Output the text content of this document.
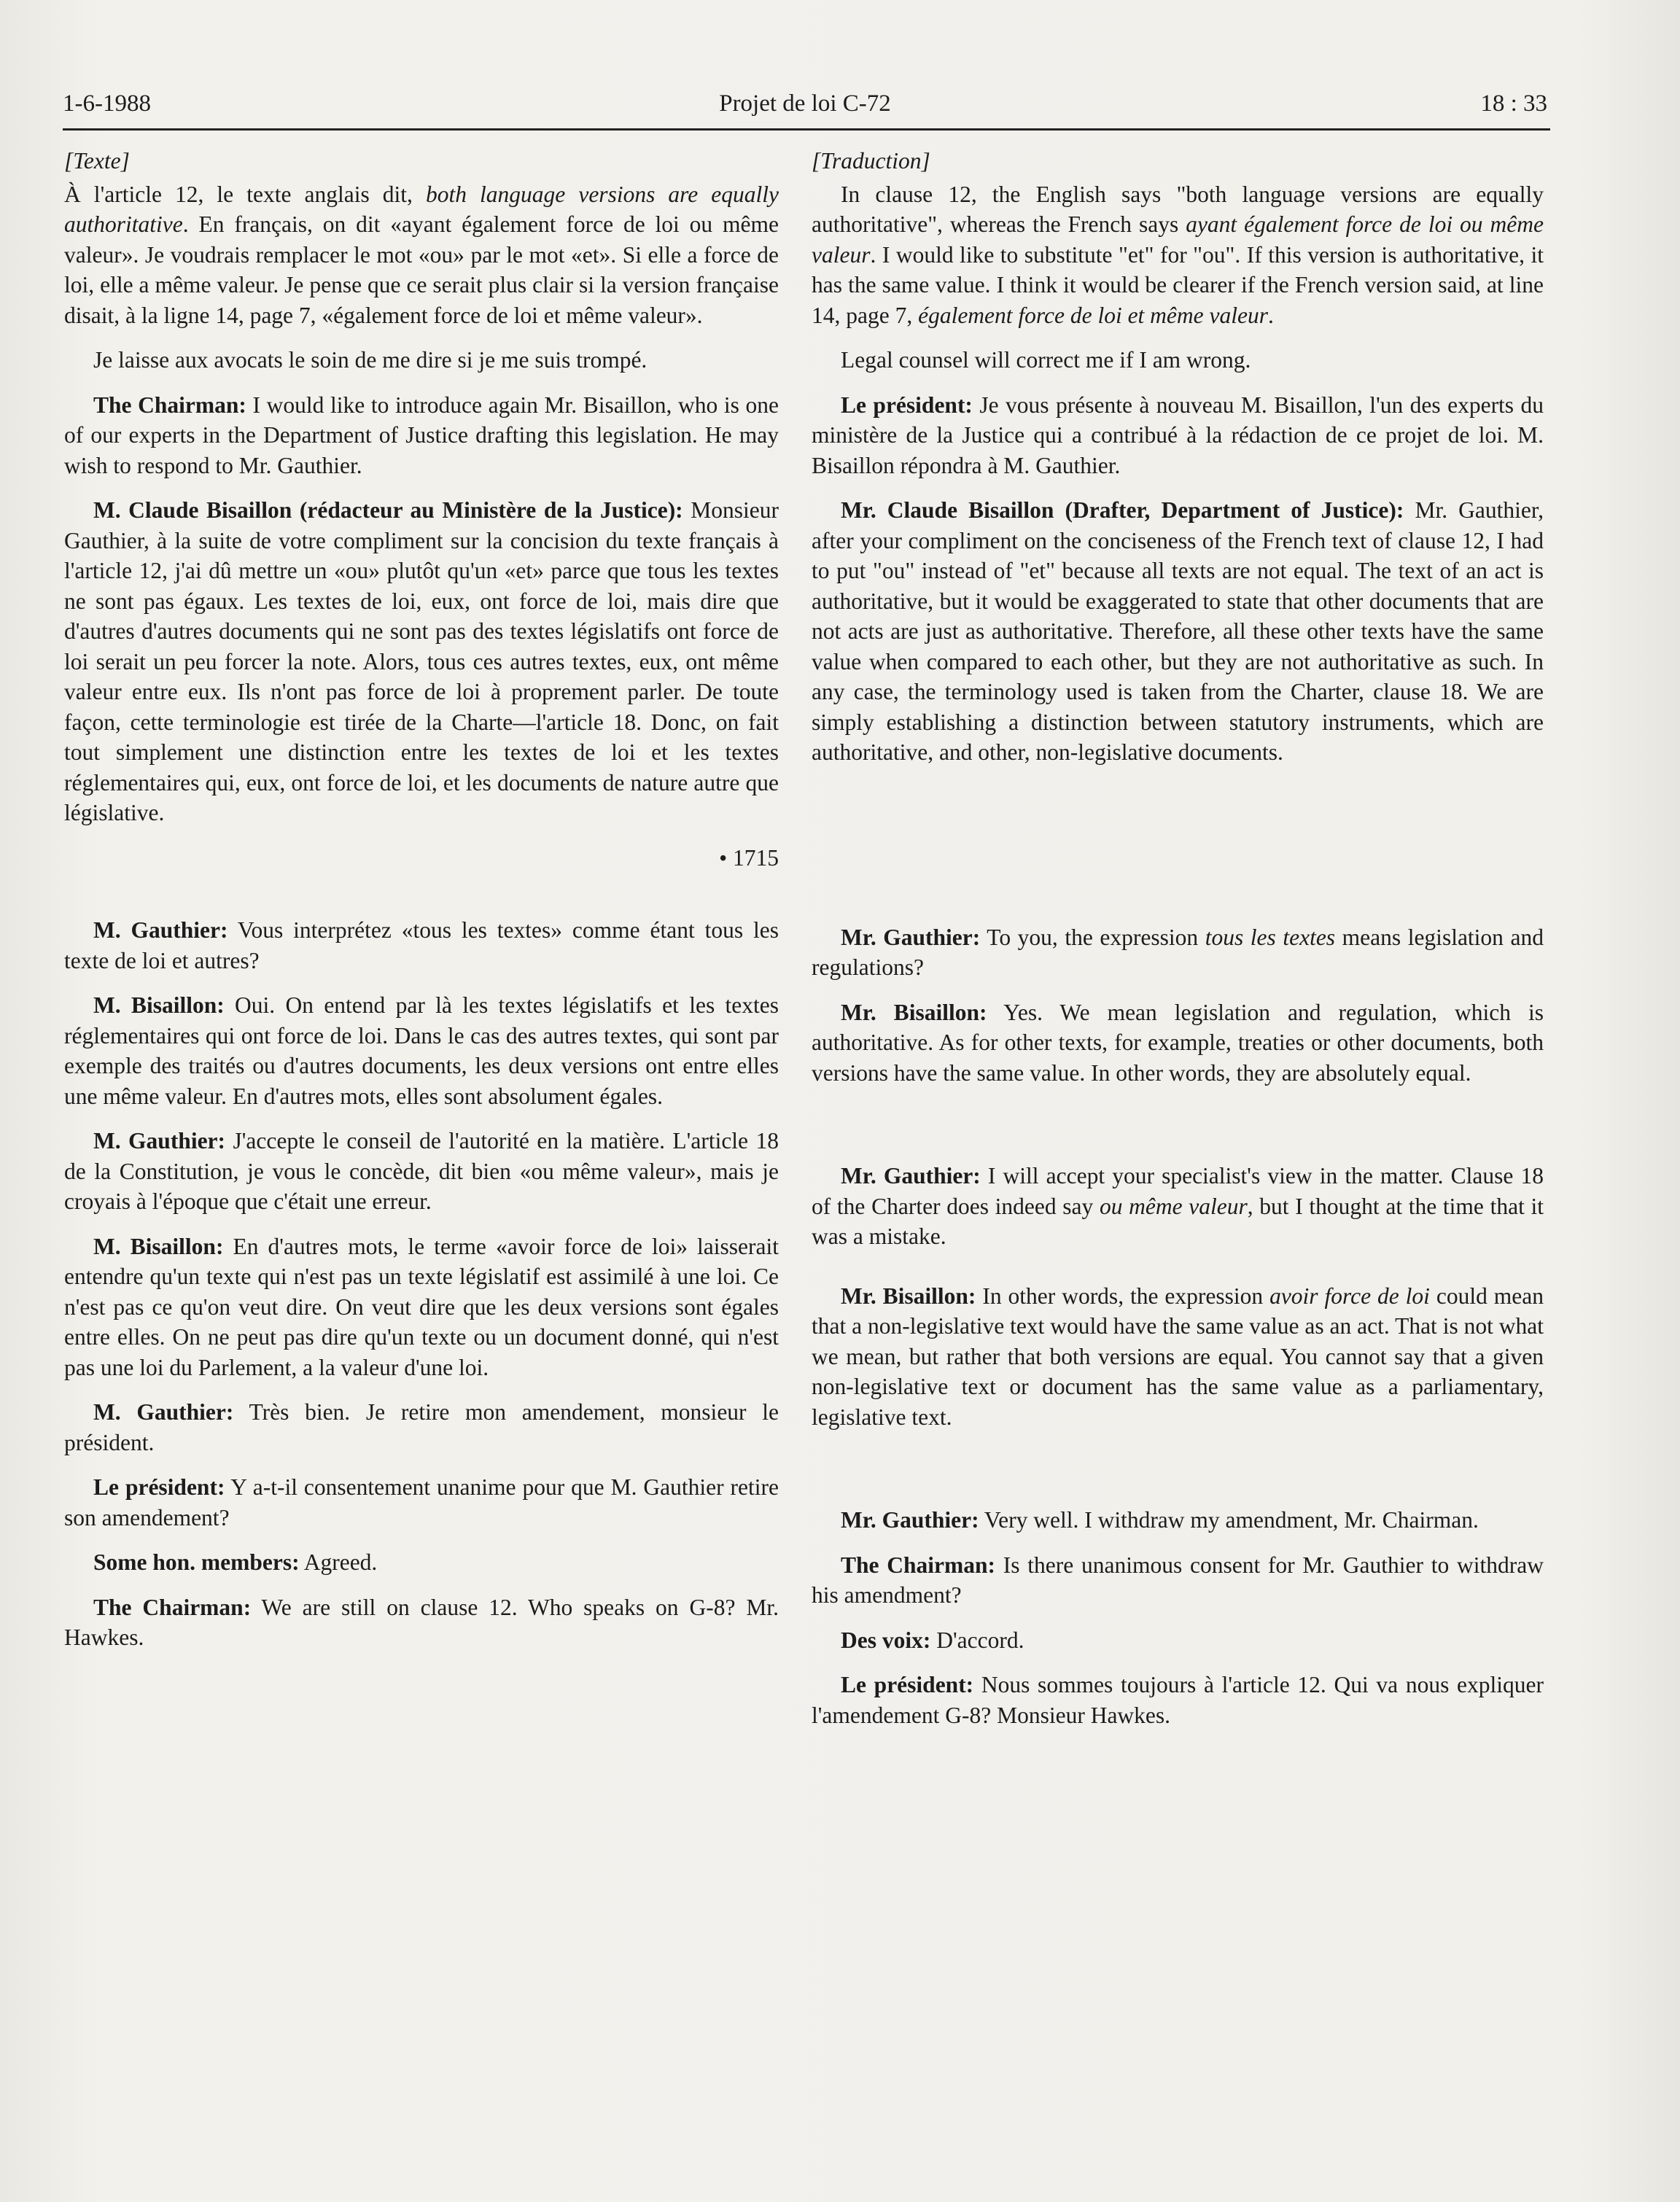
1-6-1988	Projet de loi C-72	18 : 33

[Texte]

À l'article 12, le texte anglais dit, both language versions are equally authoritative. En français, on dit «ayant également force de loi ou même valeur». Je voudrais remplacer le mot «ou» par le mot «et». Si elle a force de loi, elle a même valeur. Je pense que ce serait plus clair si la version française disait, à la ligne 14, page 7, «également force de loi et même valeur».

Je laisse aux avocats le soin de me dire si je me suis trompé.

The Chairman: I would like to introduce again Mr. Bisaillon, who is one of our experts in the Department of Justice drafting this legislation. He may wish to respond to Mr. Gauthier.

M. Claude Bisaillon (rédacteur au Ministère de la Justice): Monsieur Gauthier, à la suite de votre compliment sur la concision du texte français à l'article 12, j'ai dû mettre un «ou» plutôt qu'un «et» parce que tous les textes ne sont pas égaux. Les textes de loi, eux, ont force de loi, mais dire que d'autres d'autres documents qui ne sont pas des textes législatifs ont force de loi serait un peu forcer la note. Alors, tous ces autres textes, eux, ont même valeur entre eux. Ils n'ont pas force de loi à proprement parler. De toute façon, cette terminologie est tirée de la Charte—l'article 18. Donc, on fait tout simplement une distinction entre les textes de loi et les textes réglementaires qui, eux, ont force de loi, et les documents de nature autre que législative.

• 1715

M. Gauthier: Vous interprétez «tous les textes» comme étant tous les texte de loi et autres?

M. Bisaillon: Oui. On entend par là les textes législatifs et les textes réglementaires qui ont force de loi. Dans le cas des autres textes, qui sont par exemple des traités ou d'autres documents, les deux versions ont entre elles une même valeur. En d'autres mots, elles sont absolument égales.

M. Gauthier: J'accepte le conseil de l'autorité en la matière. L'article 18 de la Constitution, je vous le concède, dit bien «ou même valeur», mais je croyais à l'époque que c'était une erreur.

M. Bisaillon: En d'autres mots, le terme «avoir force de loi» laisserait entendre qu'un texte qui n'est pas un texte législatif est assimilé à une loi. Ce n'est pas ce qu'on veut dire. On veut dire que les deux versions sont égales entre elles. On ne peut pas dire qu'un texte ou un document donné, qui n'est pas une loi du Parlement, a la valeur d'une loi.

M. Gauthier: Très bien. Je retire mon amendement, monsieur le président.

Le président: Y a-t-il consentement unanime pour que M. Gauthier retire son amendement?

Some hon. members: Agreed.

The Chairman: We are still on clause 12. Who speaks on G-8? Mr. Hawkes.

[Traduction]

In clause 12, the English says "both language versions are equally authoritative", whereas the French says ayant également force de loi ou même valeur. I would like to substitute "et" for "ou". If this version is authoritative, it has the same value. I think it would be clearer if the French version said, at line 14, page 7, également force de loi et même valeur.

Legal counsel will correct me if I am wrong.

Le président: Je vous présente à nouveau M. Bisaillon, l'un des experts du ministère de la Justice qui a contribué à la rédaction de ce projet de loi. M. Bisaillon répondra à M. Gauthier.

Mr. Claude Bisaillon (Drafter, Department of Justice): Mr. Gauthier, after your compliment on the conciseness of the French text of clause 12, I had to put "ou" instead of "et" because all texts are not equal. The text of an act is authoritative, but it would be exaggerated to state that other documents that are not acts are just as authoritative. Therefore, all these other texts have the same value when compared to each other, but they are not authoritative as such. In any case, the terminology used is taken from the Charter, clause 18. We are simply establishing a distinction between statutory instruments, which are authoritative, and other, non-legislative documents.

Mr. Gauthier: To you, the expression tous les textes means legislation and regulations?

Mr. Bisaillon: Yes. We mean legislation and regulation, which is authoritative. As for other texts, for example, treaties or other documents, both versions have the same value. In other words, they are absolutely equal.

Mr. Gauthier: I will accept your specialist's view in the matter. Clause 18 of the Charter does indeed say ou même valeur, but I thought at the time that it was a mistake.

Mr. Bisaillon: In other words, the expression avoir force de loi could mean that a non-legislative text would have the same value as an act. That is not what we mean, but rather that both versions are equal. You cannot say that a given non-legislative text or document has the same value as a parliamentary, legislative text.

Mr. Gauthier: Very well. I withdraw my amendment, Mr. Chairman.

The Chairman: Is there unanimous consent for Mr. Gauthier to withdraw his amendment?

Des voix: D'accord.

Le président: Nous sommes toujours à l'article 12. Qui va nous expliquer l'amendement G-8? Monsieur Hawkes.
